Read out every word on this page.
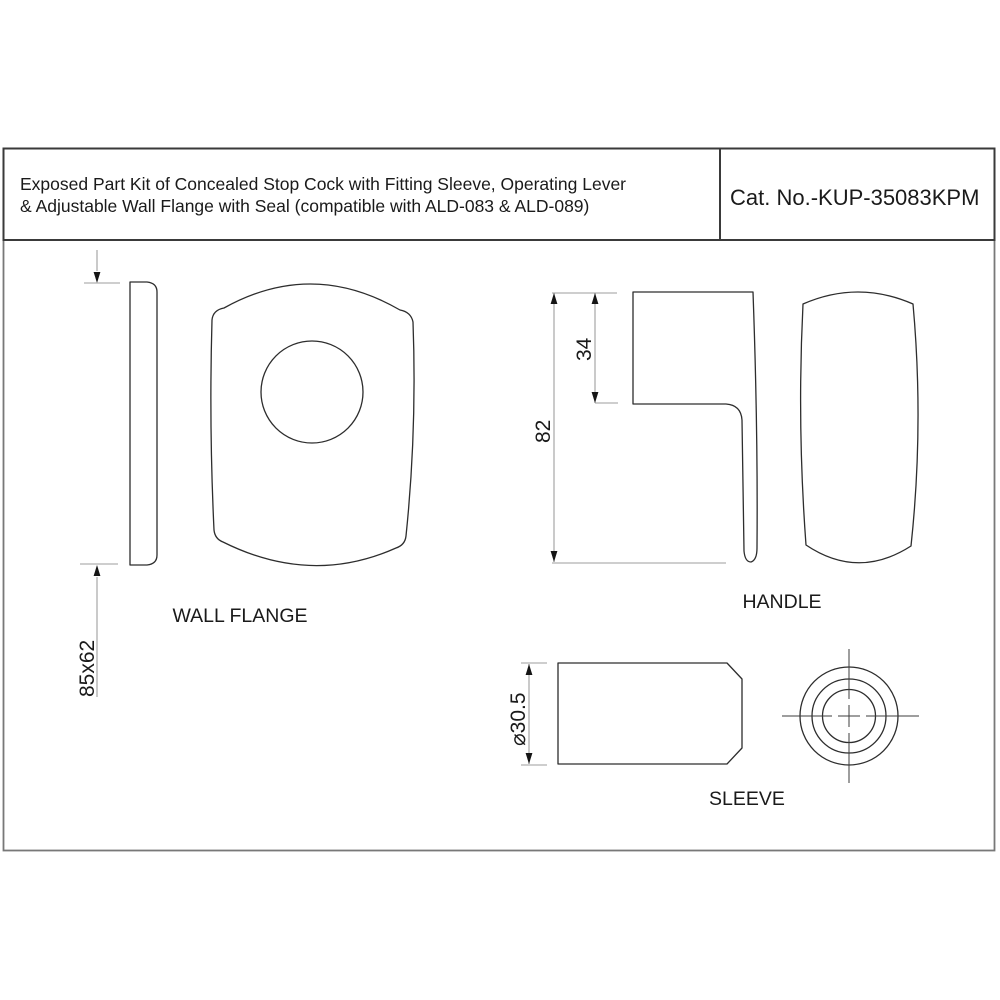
Exposed Part Kit of Concealed Stop Cock with Fitting Sleeve, Operating Lever
& Adjustable Wall Flange with Seal (compatible with ALD-083 & ALD-089)	Cat. No.-KUP-35083KPM
85x62
WALL FLANGE
82
34
HANDLE
⌀30.5
SLEEVE
